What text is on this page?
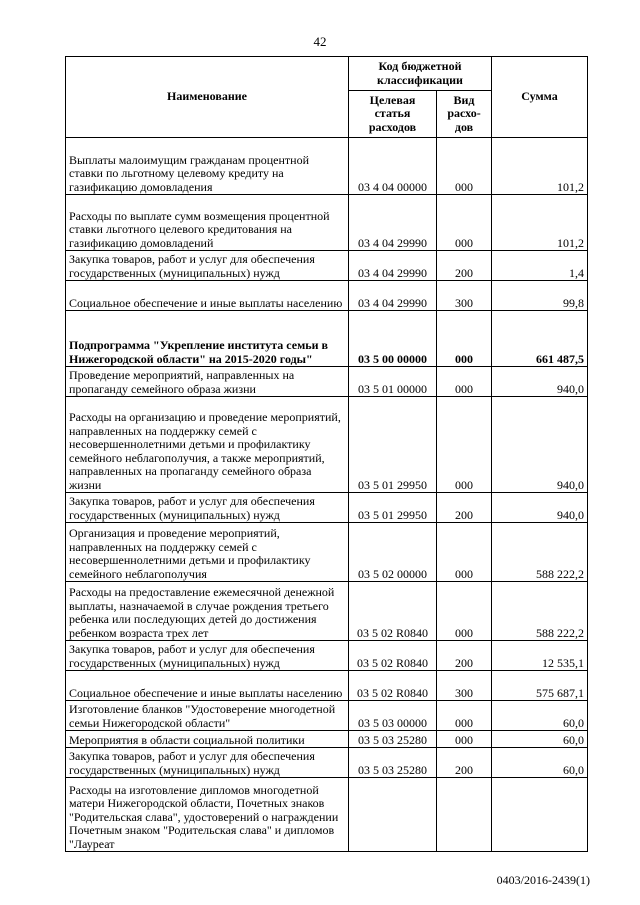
42
Наименование	Код бюджетной классификации		Сумма
	Целевая статья расходов	Вид расхо-дов	
Выплаты малоимущим гражданам процентной ставки по льготному целевому кредиту на газификацию домовладения	03 4 04 00000	000	101,2
Расходы по выплате сумм возмещения процентной ставки льготного целевого кредитования на газификацию домовладений	03 4 04 29990	000	101,2
Закупка товаров, работ и услуг для обеспечения государственных (муниципальных) нужд	03 4 04 29990	200	1,4
Социальное обеспечение и иные выплаты населению	03 4 04 29990	300	99,8
Подпрограмма "Укрепление института семьи в Нижегородской области" на 2015-2020 годы"	03 5 00 00000	000	661 487,5
Проведение мероприятий, направленных на пропаганду семейного образа жизни	03 5 01 00000	000	940,0
Расходы на организацию и проведение мероприятий, направленных на поддержку семей с несовершеннолетними детьми и профилактику семейного неблагополучия, а также мероприятий, направленных на пропаганду семейного образа жизни	03 5 01 29950	000	940,0
Закупка товаров, работ и услуг для обеспечения государственных (муниципальных) нужд	03 5 01 29950	200	940,0
Организация и проведение мероприятий, направленных на поддержку семей с несовершеннолетними детьми и профилактику семейного неблагополучия	03 5 02 00000	000	588 222,2
Расходы на предоставление ежемесячной денежной выплаты, назначаемой в случае рождения третьего ребенка или последующих детей до достижения ребенком возраста трех лет	03 5 02 R0840	000	588 222,2
Закупка товаров, работ и услуг для обеспечения государственных (муниципальных) нужд	03 5 02 R0840	200	12 535,1
Социальное обеспечение и иные выплаты населению	03 5 02 R0840	300	575 687,1
Изготовление бланков "Удостоверение многодетной семьи Нижегородской области"	03 5 03 00000	000	60,0
Мероприятия в области социальной политики	03 5 03 25280	000	60,0
Закупка товаров, работ и услуг для обеспечения государственных (муниципальных) нужд	03 5 03 25280	200	60,0
Расходы на изготовление дипломов многодетной матери Нижегородской области, Почетных знаков "Родительская слава", удостоверений о награждении Почетным знаком "Родительская слава" и дипломов "Лауреат			
0403/2016-2439(1)
